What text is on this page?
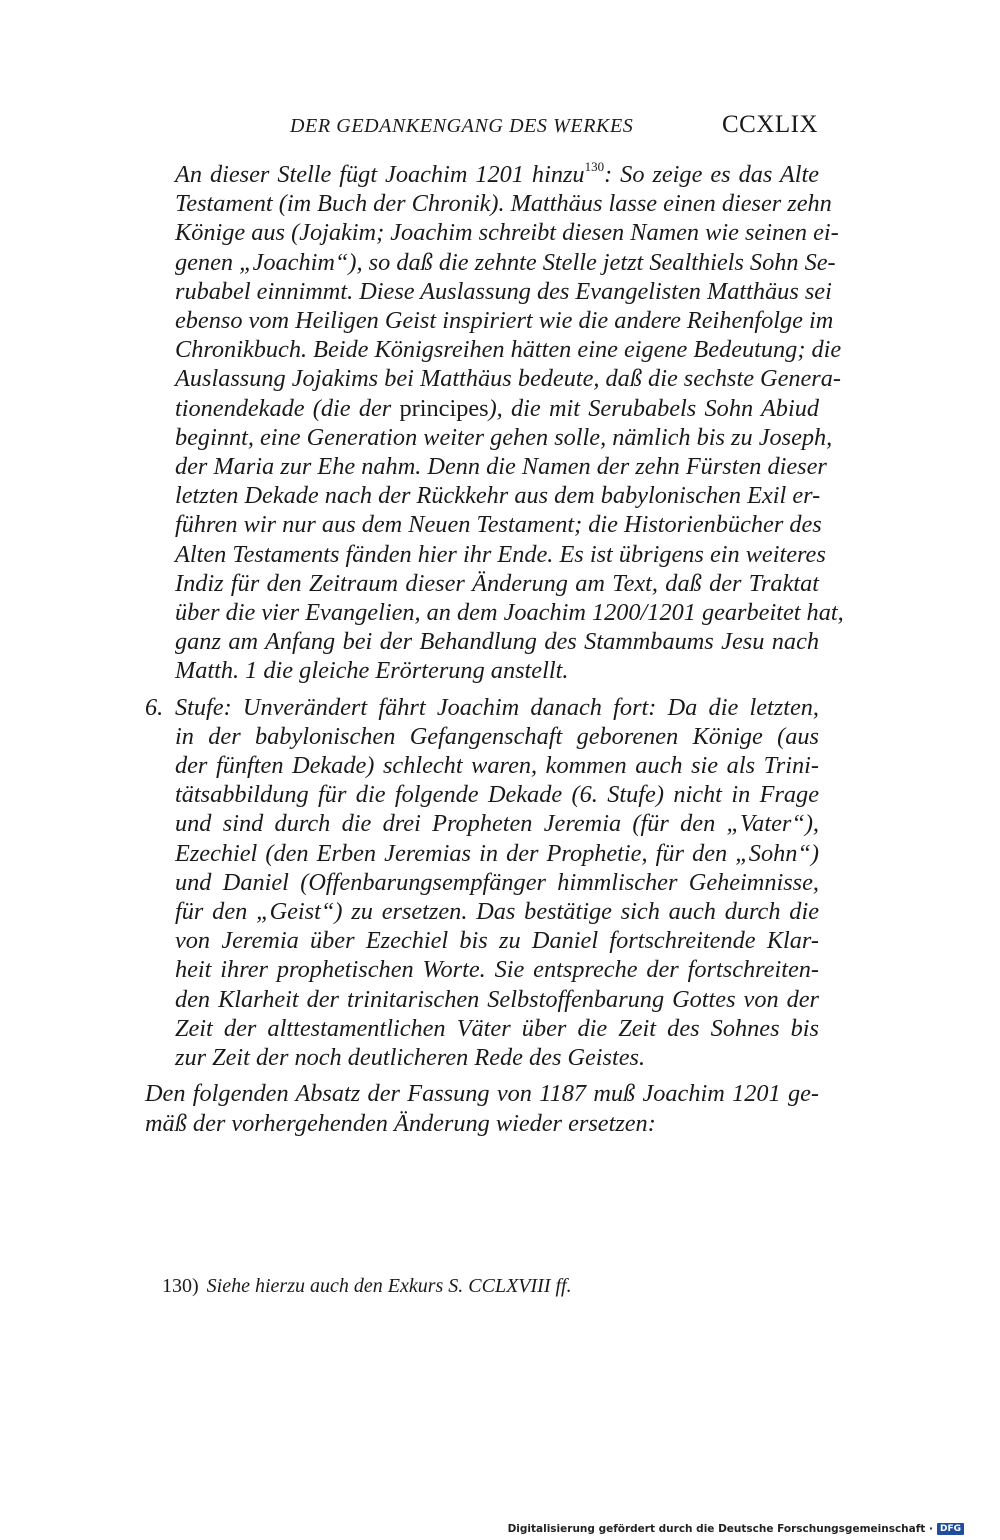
DER GEDANKENGANG DES WERKES	CCXLIX
An dieser Stelle fügt Joachim 1201 hinzu$^{130}$: So zeige es das Alte
Testament (im Buch der Chronik). Matthäus lasse einen dieser zehn
Könige aus (Jojakim; Joachim schreibt diesen Namen wie seinen ei-
genen „Joachim“), so daß die zehnte Stelle jetzt Sealthiels Sohn Se-
rubabel einnimmt. Diese Auslassung des Evangelisten Matthäus sei
ebenso vom Heiligen Geist inspiriert wie die andere Reihenfolge im
Chronikbuch. Beide Königsreihen hätten eine eigene Bedeutung; die
Auslassung Jojakims bei Matthäus bedeute, daß die sechste Genera-
tionendekade (die der principes), die mit Serubabels Sohn Abiud
beginnt, eine Generation weiter gehen solle, nämlich bis zu Joseph,
der Maria zur Ehe nahm. Denn die Namen der zehn Fürsten dieser
letzten Dekade nach der Rückkehr aus dem babylonischen Exil er-
führen wir nur aus dem Neuen Testament; die Historienbücher des
Alten Testaments fänden hier ihr Ende. Es ist übrigens ein weiteres
Indiz für den Zeitraum dieser Änderung am Text, daß der Traktat
über die vier Evangelien, an dem Joachim 1200/1201 gearbeitet hat,
ganz am Anfang bei der Behandlung des Stammbaums Jesu nach
Matth. 1 die gleiche Erörterung anstellt.
6. Stufe: Unverändert fährt Joachim danach fort: Da die letzten,
in der babylonischen Gefangenschaft geborenen Könige (aus
der fünften Dekade) schlecht waren, kommen auch sie als Trini-
tätsabbildung für die folgende Dekade (6. Stufe) nicht in Frage
und sind durch die drei Propheten Jeremia (für den „Vater“),
Ezechiel (den Erben Jeremias in der Prophetie, für den „Sohn“)
und Daniel (Offenbarungsempfänger himmlischer Geheimnisse,
für den „Geist“) zu ersetzen. Das bestätige sich auch durch die
von Jeremia über Ezechiel bis zu Daniel fortschreitende Klar-
heit ihrer prophetischen Worte. Sie entspreche der fortschreiten-
den Klarheit der trinitarischen Selbstoffenbarung Gottes von der
Zeit der alttestamentlichen Väter über die Zeit des Sohnes bis
zur Zeit der noch deutlicheren Rede des Geistes.
Den folgenden Absatz der Fassung von 1187 muß Joachim 1201 ge-
mäß der vorhergehenden Änderung wieder ersetzen:
130) Siehe hierzu auch den Exkurs S. CCLXVIII ff.
Digitalisierung gefördert durch die Deutsche Forschungsgemeinschaft · DFG
